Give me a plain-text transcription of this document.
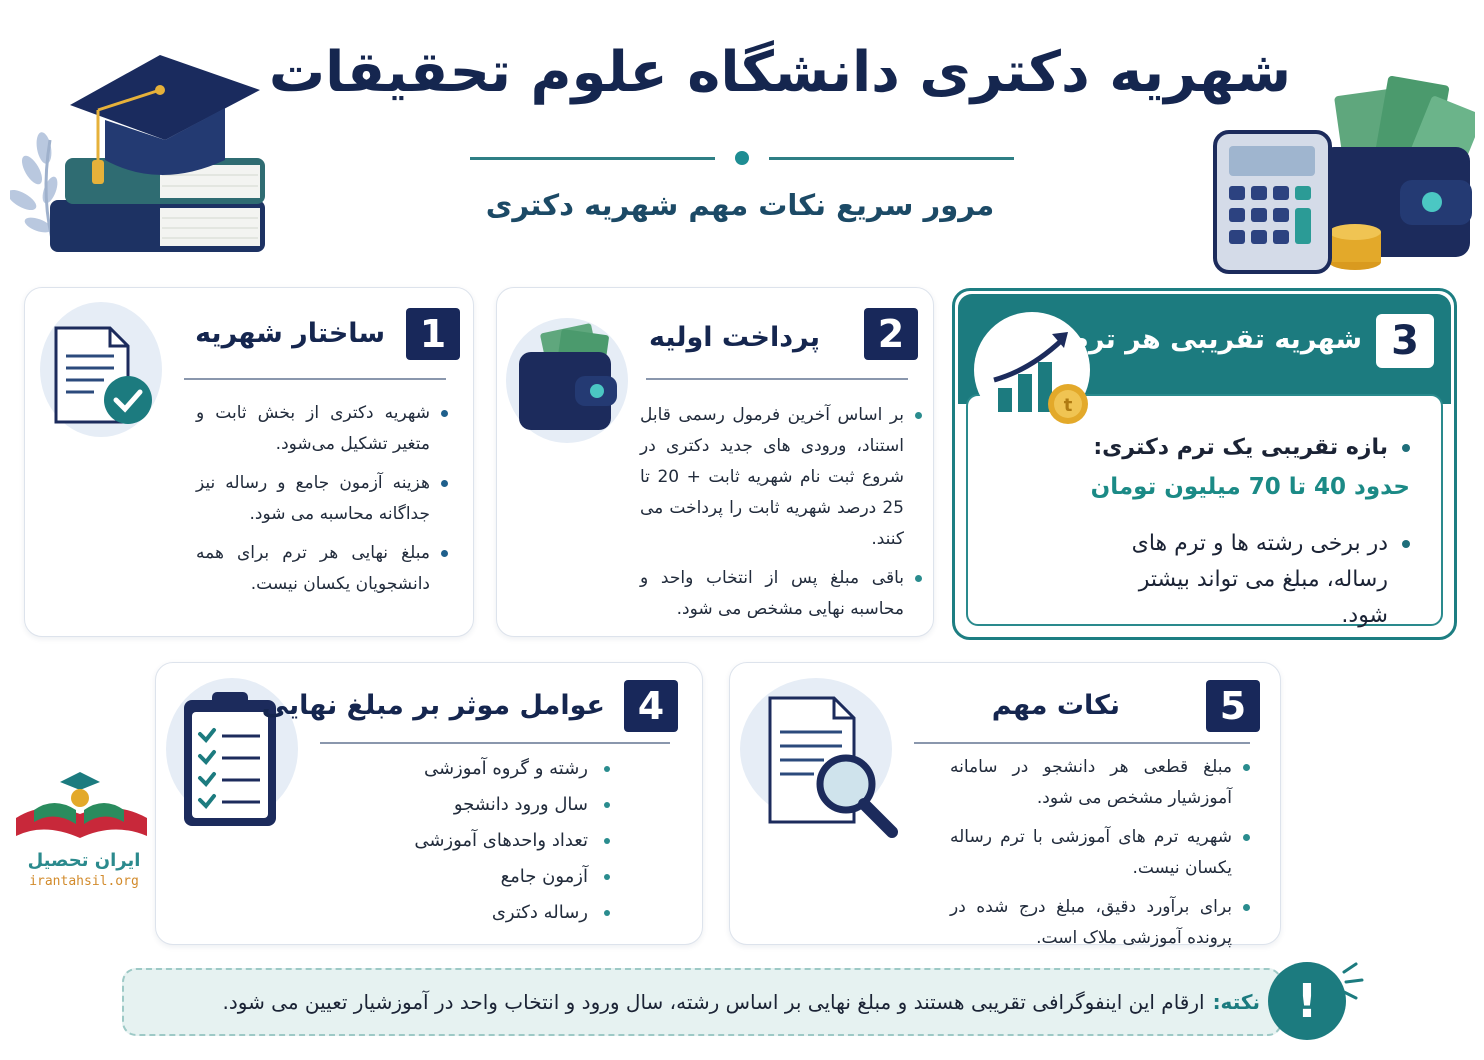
شهریه دکتری دانشگاه علوم تحقیقات
مرور سریع نکات مهم شهریه دکتری
1
ساختار شهریه
شهریه دکتری از بخش ثابت و متغیر تشکیل می‌شود.
هزینه آزمون جامع و رساله نیز جداگانه محاسبه می شود.
مبلغ نهایی هر ترم برای همه دانشجویان یکسان نیست.
2
پرداخت اولیه
بر اساس آخرین فرمول رسمی قابل استناد، ورودی های جدید دکتری در شروع ثبت نام شهریه ثابت + 20 تا 25 درصد شهریه ثابت را پرداخت می کنند.
باقی مبلغ پس از انتخاب واحد و محاسبه نهایی مشخص می شود.
t
3
شهریه تقریبی هر ترم
بازه تقریبی یک ترم دکتری:
حدود 40 تا 70 میلیون تومان
در برخی رشته ها و ترم های رساله، مبلغ می تواند بیشتر شود.
ایران تحصیل
irantahsil.org
4
عوامل موثر بر مبلغ نهایی
رشته و گروه آموزشی
سال ورود دانشجو
تعداد واحدهای آموزشی
آزمون جامع
رساله دکتری
5
نکات مهم
مبلغ قطعی هر دانشجو در سامانه آموزشیار مشخص می شود.
شهریه ترم های آموزشی با ترم رساله یکسان نیست.
برای برآورد دقیق، مبلغ درج شده در پرونده آموزشی ملاک است.
نکته:
ارقام این اینفوگرافی تقریبی هستند و مبلغ نهایی بر اساس رشته، سال ورود و انتخاب واحد در آموزشیار تعیین می شود.	!
